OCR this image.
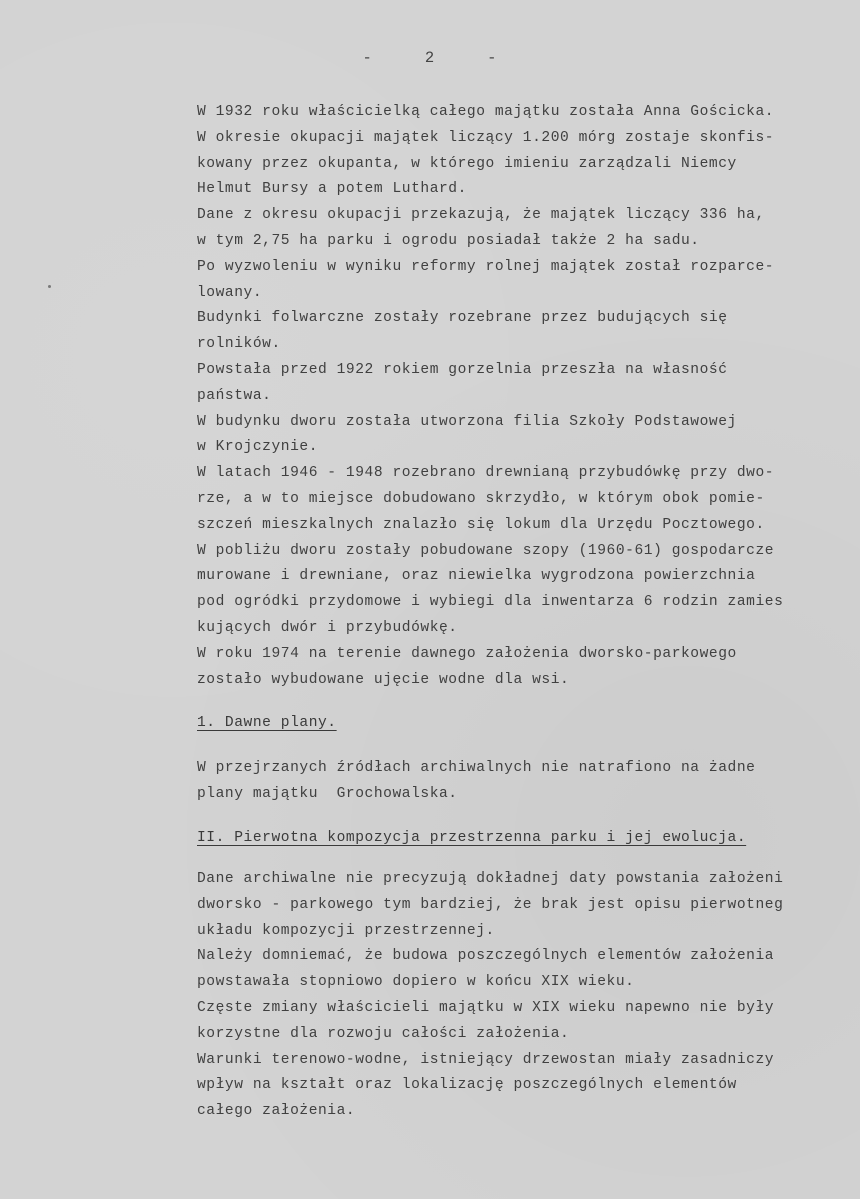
-	2	-
W 1932 roku właścicielką całego majątku została Anna Gościcka.
W okresie okupacji majątek liczący 1.200 mórg zostaje skonfis-
kowany przez okupanta, w którego imieniu zarządzali Niemcy
Helmut Bursy a potem Luthard.
Dane z okresu okupacji przekazują, że majątek liczący 336 ha,
w tym 2,75 ha parku i ogrodu posiadał także 2 ha sadu.
Po wyzwoleniu w wyniku reformy rolnej majątek został rozparce-
lowany.
Budynki folwarczne zostały rozebrane przez budujących się
rolników.
Powstała przed 1922 rokiem gorzelnia przeszła na własność
państwa.
W budynku dworu została utworzona filia Szkoły Podstawowej
w Krojczynie.
W latach 1946 - 1948 rozebrano drewnianą przybudówkę przy dwo-
rze, a w to miejsce dobudowano skrzydło, w którym obok pomie-
szczeń mieszkalnych znalazło się lokum dla Urzędu Pocztowego.
W pobliżu dworu zostały pobudowane szopy (1960-61) gospodarcze
murowane i drewniane, oraz niewielka wygrodzona powierzchnia
pod ogródki przydomowe i wybiegi dla inwentarza 6 rodzin zamies
kujących dwór i przybudówkę.
W roku 1974 na terenie dawnego założenia dworsko-parkowego
zostało wybudowane ujęcie wodne dla wsi.
1. Dawne plany.
W przejrzanych źródłach archiwalnych nie natrafiono na żadne
plany majątku  Grochowalska.
II. Pierwotna kompozycja przestrzenna parku i jej ewolucja.
Dane archiwalne nie precyzują dokładnej daty powstania założeni
dworsko - parkowego tym bardziej, że brak jest opisu pierwotneg
układu kompozycji przestrzennej.
Należy domniemać, że budowa poszczególnych elementów założenia
powstawała stopniowo dopiero w końcu XIX wieku.
Częste zmiany właścicieli majątku w XIX wieku napewno nie były
korzystne dla rozwoju całości założenia.
Warunki terenowo-wodne, istniejący drzewostan miały zasadniczy
wpływ na kształt oraz lokalizację poszczególnych elementów
całego założenia.
